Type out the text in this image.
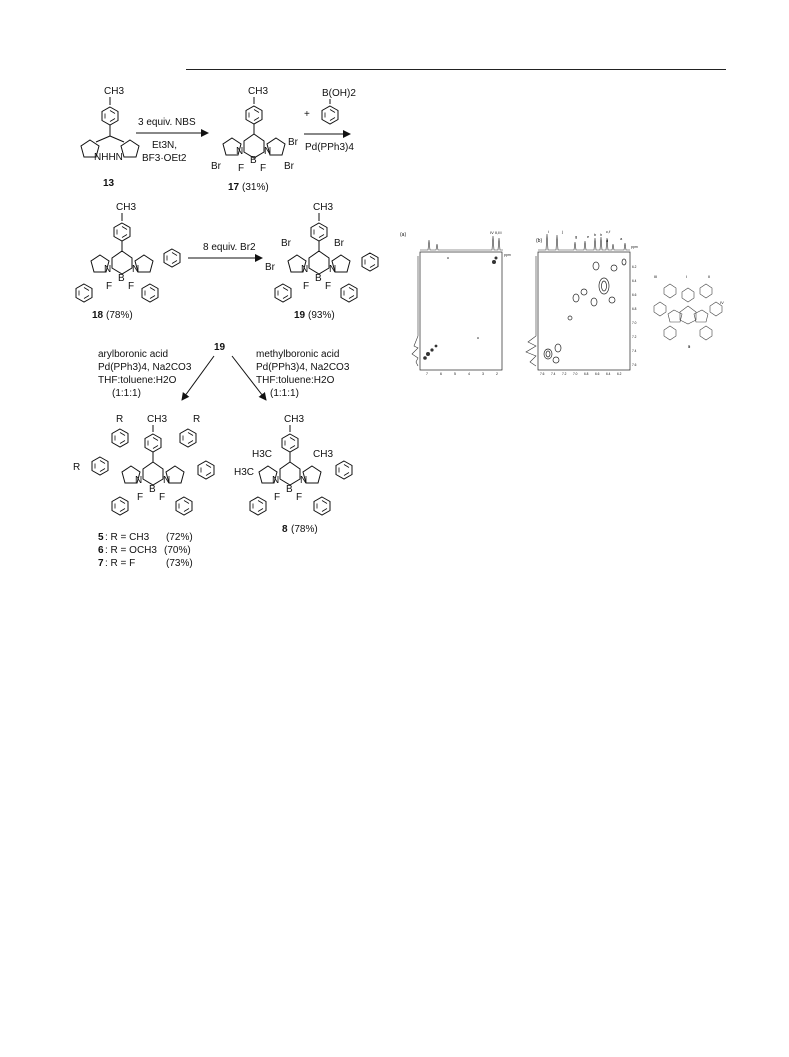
CH3
NHHN
13
3 equiv. NBS
Et3N,
BF3·OEt2
CH3
N N
B
F F
Br	Br
Br
17 (31%)
B(OH)2
+
Pd(PPh3)4
CH3
N N
B
F F
18 (78%)
8 equiv. Br2
CH3
N N
B
F F
Br	Br
Br
19 (93%)
19
arylboronic acid
Pd(PPh3)4, Na2CO3
THF:toluene:H2O
(1:1:1)
methylboronic acid
Pd(PPh3)4, Na2CO3
THF:toluene:H2O
(1:1:1)
R	R
CH3
R
N N
B
F F
5 : R = CH3 (72%)
6 : R = OCH3 (70%)
7 : R = F	(73%)
CH3
N N
B
F F
H3C
H3C
CH3
8 (78%)
(a)	IV II,III
ppm
7	6	5	4	3	2
(b)
i	j
g e b h
c,f
d	a
ppm
7.6 7.4 7.2 7.0 6.8 6.6 6.4 6.2
6.2
6.4
6.6
6.8
7.0
7.2
7.4
7.6
III	I	II
IV
5
